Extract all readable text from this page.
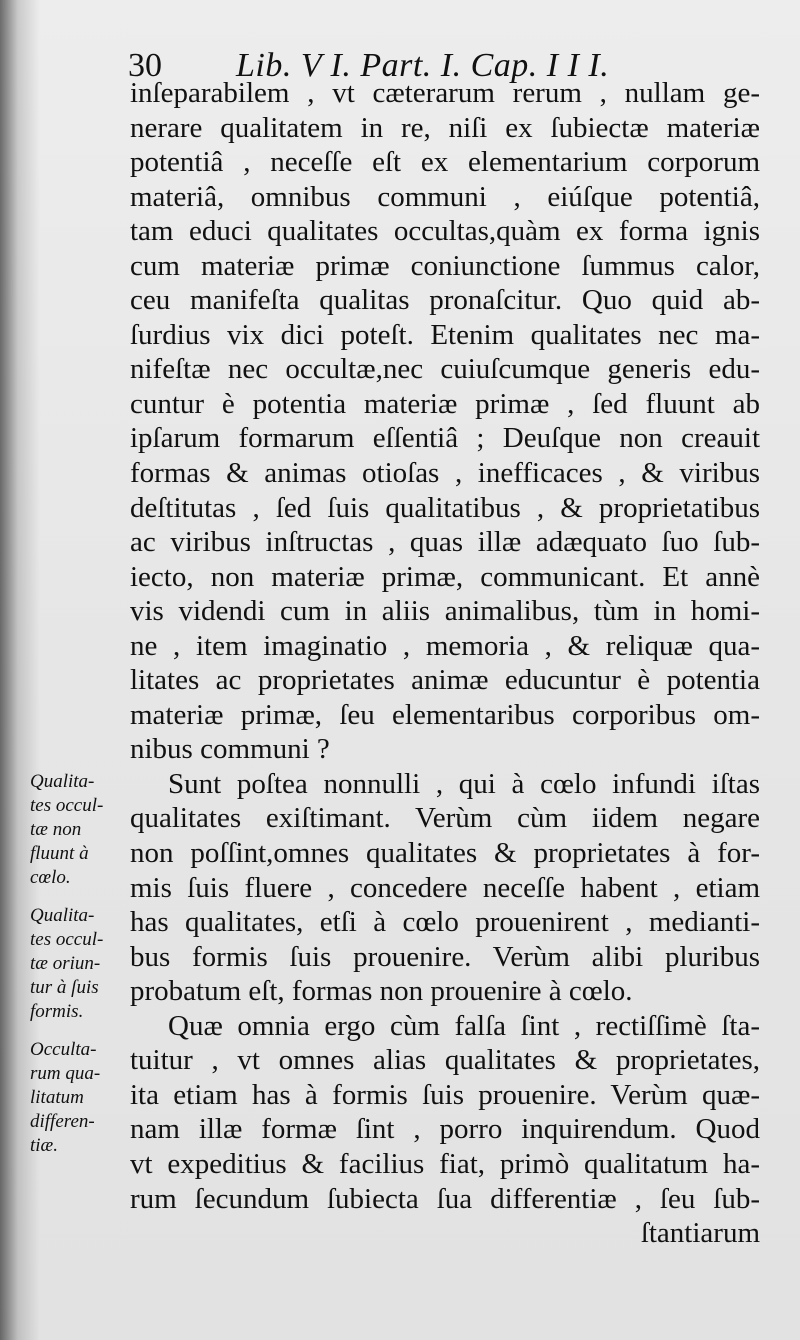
30 Lib. V I. Part. I. Cap. I I I.
inſeparabilem , vt cæterarum rerum , nullam ge-
nerare qualitatem in re, niſi ex ſubiectæ materiæ
potentiâ , neceſſe eſt ex elementarium corporum
materiâ, omnibus communi , eiúſque potentiâ,
tam educi qualitates occultas,quàm ex forma ignis
cum materiæ primæ coniunctione ſummus calor,
ceu manifeſta qualitas pronaſcitur. Quo quid ab-
ſurdius vix dici poteſt. Etenim qualitates nec ma-
nifeſtæ nec occultæ,nec cuiuſcumque generis edu-
cuntur è potentia materiæ primæ , ſed fluunt ab
ipſarum formarum eſſentiâ ; Deuſque non creauit
formas & animas otioſas , inefficaces , & viribus
deſtitutas , ſed ſuis qualitatibus , & proprietatibus
ac viribus inſtructas , quas illæ adæquato ſuo ſub-
iecto, non materiæ primæ, communicant. Et annè
vis videndi cum in aliis animalibus, tùm in homi-
ne , item imaginatio , memoria , & reliquæ qua-
litates ac proprietates animæ educuntur è potentia
materiæ primæ, ſeu elementaribus corporibus om-
nibus communi ?
Sunt poſtea nonnulli , qui à cœlo infundi iſtas
qualitates exiſtimant. Verùm cùm iidem negare
non poſſint,omnes qualitates & proprietates à for-
mis ſuis fluere , concedere neceſſe habent , etiam
has qualitates, etſi à cœlo prouenirent , medianti-
bus formis ſuis prouenire. Verùm alibi pluribus
probatum eſt, formas non prouenire à cœlo.
Quæ omnia ergo cùm falſa ſint , rectiſſimè ſta-
tuitur , vt omnes alias qualitates & proprietates,
ita etiam has à formis ſuis prouenire. Verùm quæ-
nam illæ formæ ſint , porro inquirendum. Quod
vt expeditius & facilius fiat, primò qualitatum ha-
rum ſecundum ſubiecta ſua differentiæ , ſeu ſub-
ſtantiarum
Qualita-
tes occul-
tæ non
fluunt à
cœlo.
Qualita-
tes occul-
tæ oriun-
tur à ſuis
formis.
Occulta-
rum qua-
litatum
differen-
tiæ.
